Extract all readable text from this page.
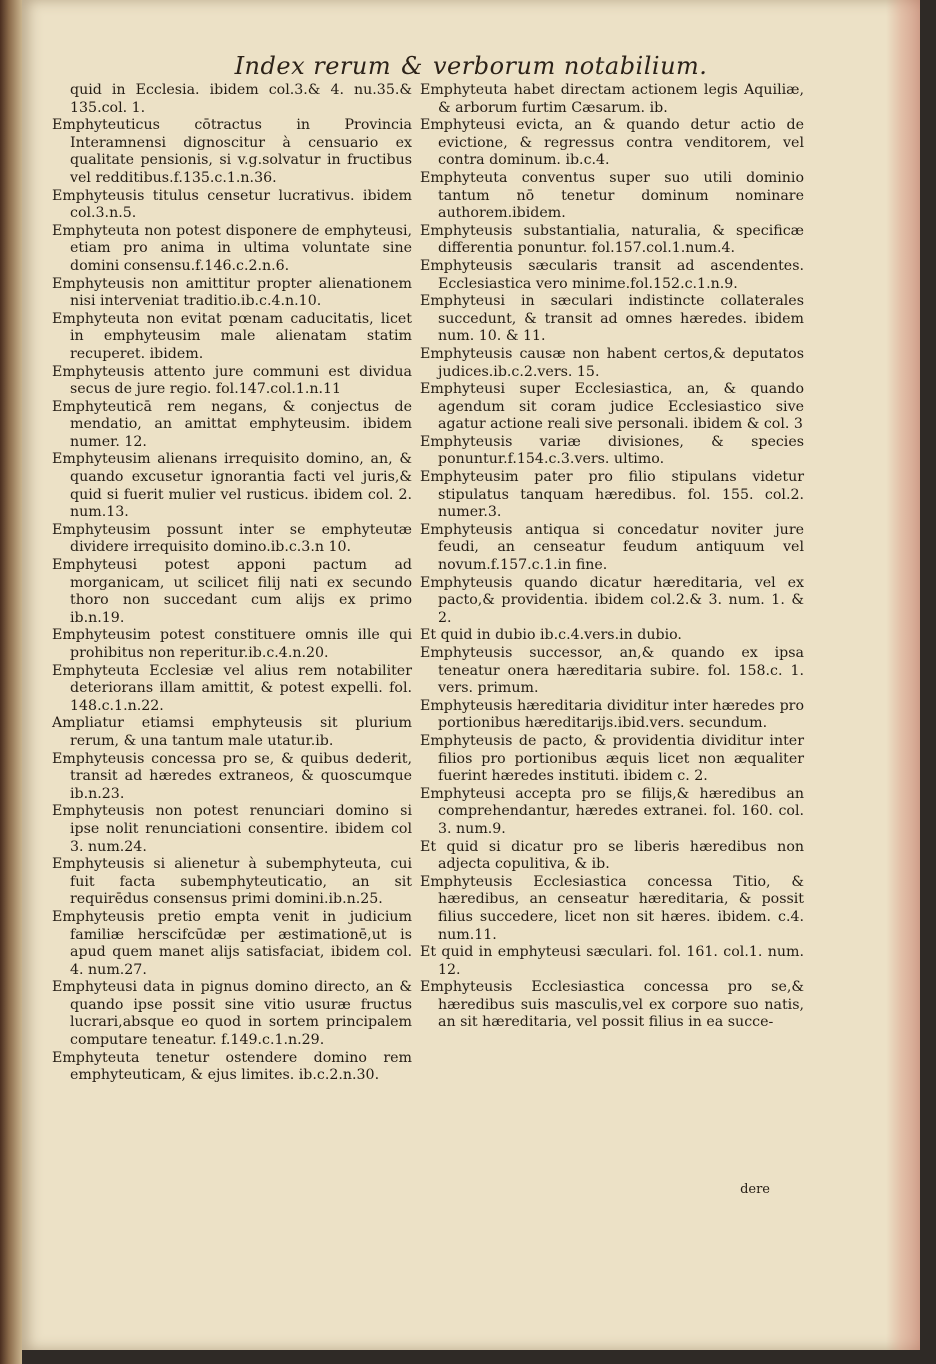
Index rerum & verborum notabilium.

quid in Ecclesia. ibidem col.3.& 4. nu.35.& 135.col. 1.

Emphyteuticus cōtractus in Provincia Interamnensi dignoscitur à censuario ex qualitate pensionis, si v.g.solvatur in fructibus vel redditibus.f.135.c.1.n.36.

Emphyteusis titulus censetur lucrativus. ibidem col.3.n.5.

Emphyteuta non potest disponere de emphyteusi, etiam pro anima in ultima voluntate sine domini consensu.f.146.c.2.n.6.

Emphyteusis non amittitur propter alienationem nisi interveniat traditio.ib.c.4.n.10.

Emphyteuta non evitat pœnam caducitatis, licet in emphyteusim male alienatam statim recuperet. ibidem.

Emphyteusis attento jure communi est dividua secus de jure regio. fol.147.col.1.n.11

Emphyteuticā rem negans, & conjectus de mendatio, an amittat emphyteusim. ibidem numer. 12.

Emphyteusim alienans irrequisito domino, an, & quando excusetur ignorantia facti vel juris,& quid si fuerit mulier vel rusticus. ibidem col. 2. num.13.

Emphyteusim possunt inter se emphyteutæ dividere irrequisito domino.ib.c.3.n 10.

Emphyteusi potest apponi pactum ad morganicam, ut scilicet filij nati ex secundo thoro non succedant cum alijs ex primo ib.n.19.

Emphyteusim potest constituere omnis ille qui prohibitus non reperitur.ib.c.4.n.20.

Emphyteuta Ecclesiæ vel alius rem notabiliter deteriorans illam amittit, & potest expelli. fol. 148.c.1.n.22.

Ampliatur etiamsi emphyteusis sit plurium rerum, & una tantum male utatur.ib.

Emphyteusis concessa pro se, & quibus dederit, transit ad hæredes extraneos, & quoscumque ib.n.23.

Emphyteusis non potest renunciari domino si ipse nolit renunciationi consentire. ibidem col 3. num.24.

Emphyteusis si alienetur à subemphyteuta, cui fuit facta subemphyteuticatio, an sit requirēdus consensus primi domini.ib.n.25.

Emphyteusis pretio empta venit in judicium familiæ herscifcūdæ per æstimationē,ut is apud quem manet alijs satisfaciat, ibidem col. 4. num.27.

Emphyteusi data in pignus domino directo, an & quando ipse possit sine vitio usuræ fructus lucrari,absque eo quod in sortem principalem computare teneatur. f.149.c.1.n.29.

Emphyteuta tenetur ostendere domino rem emphyteuticam, & ejus limites. ib.c.2.n.30.

Emphyteuta habet directam actionem legis Aquiliæ, & arborum furtim Cæsarum. ib.

Emphyteusi evicta, an & quando detur actio de evictione, & regressus contra venditorem, vel contra dominum. ib.c.4.

Emphyteuta conventus super suo utili dominio tantum nō tenetur dominum nominare authorem.ibidem.

Emphyteusis substantialia, naturalia, & specificæ differentia ponuntur. fol.157.col.1.num.4.

Emphyteusis sæcularis transit ad ascendentes. Ecclesiastica vero minime.fol.152.c.1.n.9.

Emphyteusi in sæculari indistincte collaterales succedunt, & transit ad omnes hæredes. ibidem num. 10. & 11.

Emphyteusis causæ non habent certos,& deputatos judices.ib.c.2.vers. 15.

Emphyteusi super Ecclesiastica, an, & quando agendum sit coram judice Ecclesiastico sive agatur actione reali sive personali. ibidem & col. 3

Emphyteusis variæ divisiones, & species ponuntur.f.154.c.3.vers. ultimo.

Emphyteusim pater pro filio stipulans videtur stipulatus tanquam hæredibus. fol. 155. col.2. numer.3.

Emphyteusis antiqua si concedatur noviter jure feudi, an censeatur feudum antiquum vel novum.f.157.c.1.in fine.

Emphyteusis quando dicatur hæreditaria, vel ex pacto,& providentia. ibidem col.2.& 3. num. 1. & 2.

Et quid in dubio ib.c.4.vers.in dubio.

Emphyteusis successor, an,& quando ex ipsa teneatur onera hæreditaria subire. fol. 158.c. 1. vers. primum.

Emphyteusis hæreditaria dividitur inter hæredes pro portionibus hæreditarijs.ibid.vers. secundum.

Emphyteusis de pacto, & providentia dividitur inter filios pro portionibus æquis licet non æqualiter fuerint hæredes instituti. ibidem c. 2.

Emphyteusi accepta pro se filijs,& hæredibus an comprehendantur, hæredes extranei. fol. 160. col. 3. num.9.

Et quid si dicatur pro se liberis hæredibus non adjecta copulitiva, & ib.

Emphyteusis Ecclesiastica concessa Titio, & hæredibus, an censeatur hæreditaria, & possit filius succedere, licet non sit hæres. ibidem. c.4. num.11.

Et quid in emphyteusi sæculari. fol. 161. col.1. num. 12.

Emphyteusis Ecclesiastica concessa pro se,& hæredibus suis masculis,vel ex corpore suo natis, an sit hæreditaria, vel possit filius in ea succe-

dere
